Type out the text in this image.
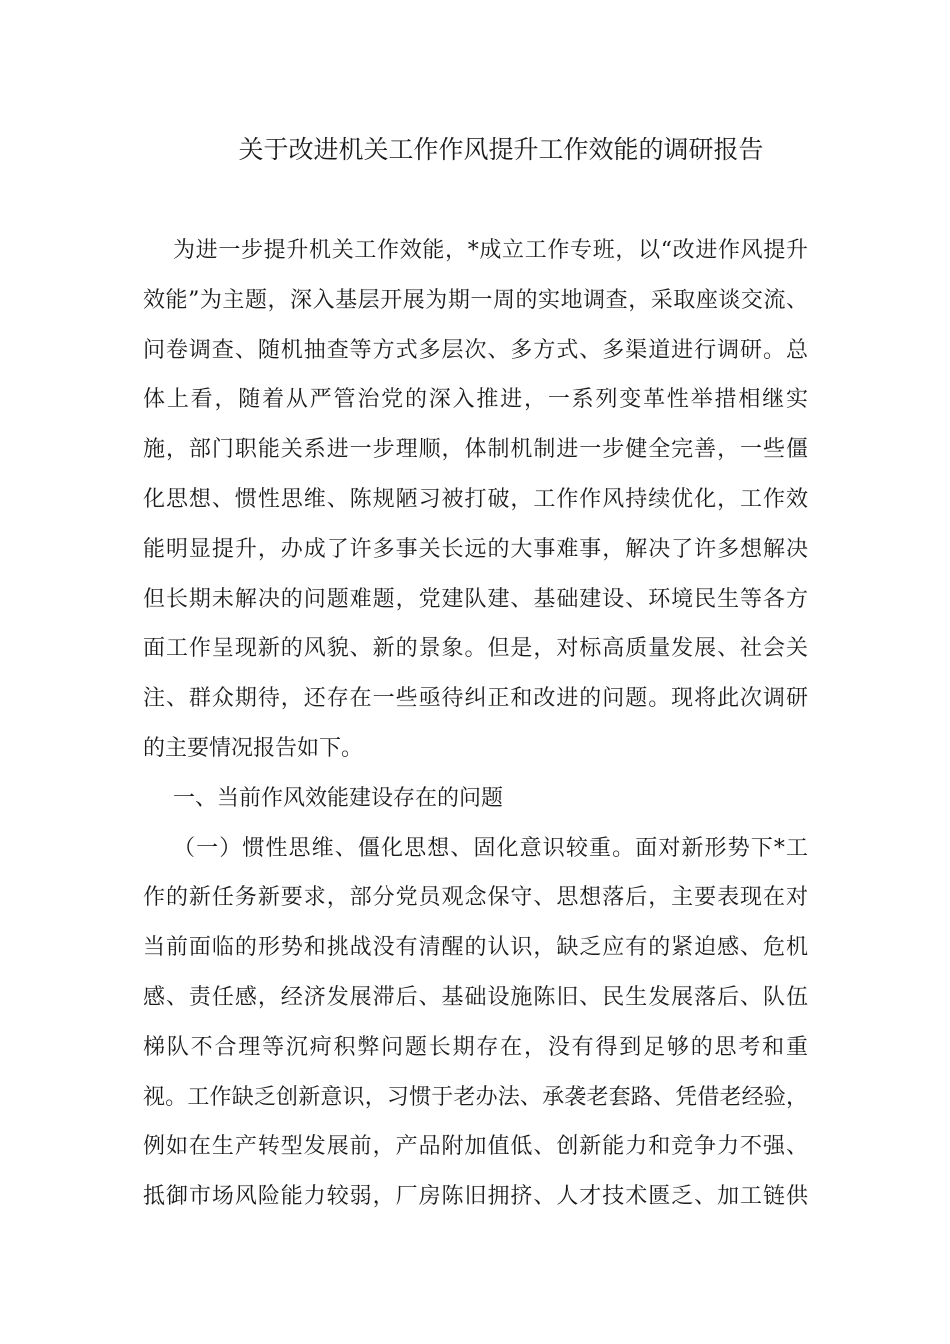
关于改进机关工作作风提升工作效能的调研报告
为进一步提升机关工作效能，*成立工作专班，以“改进作风提升
效能”为主题，深入基层开展为期一周的实地调查，采取座谈交流、
问卷调查、随机抽查等方式多层次、多方式、多渠道进行调研。总
体上看，随着从严管治党的深入推进，一系列变革性举措相继实
施，部门职能关系进一步理顺，体制机制进一步健全完善，一些僵
化思想、惯性思维、陈规陋习被打破，工作作风持续优化，工作效
能明显提升，办成了许多事关长远的大事难事，解决了许多想解决
但长期未解决的问题难题，党建队建、基础建设、环境民生等各方
面工作呈现新的风貌、新的景象。但是，对标高质量发展、社会关
注、群众期待，还存在一些亟待纠正和改进的问题。现将此次调研
的主要情况报告如下。
一、当前作风效能建设存在的问题
（一）惯性思维、僵化思想、固化意识较重。面对新形势下*工
作的新任务新要求，部分党员观念保守、思想落后，主要表现在对
当前面临的形势和挑战没有清醒的认识，缺乏应有的紧迫感、危机
感、责任感，经济发展滞后、基础设施陈旧、民生发展落后、队伍
梯队不合理等沉疴积弊问题长期存在，没有得到足够的思考和重
视。工作缺乏创新意识，习惯于老办法、承袭老套路、凭借老经验，
例如在生产转型发展前，产品附加值低、创新能力和竞争力不强、
抵御市场风险能力较弱，厂房陈旧拥挤、人才技术匮乏、加工链供
